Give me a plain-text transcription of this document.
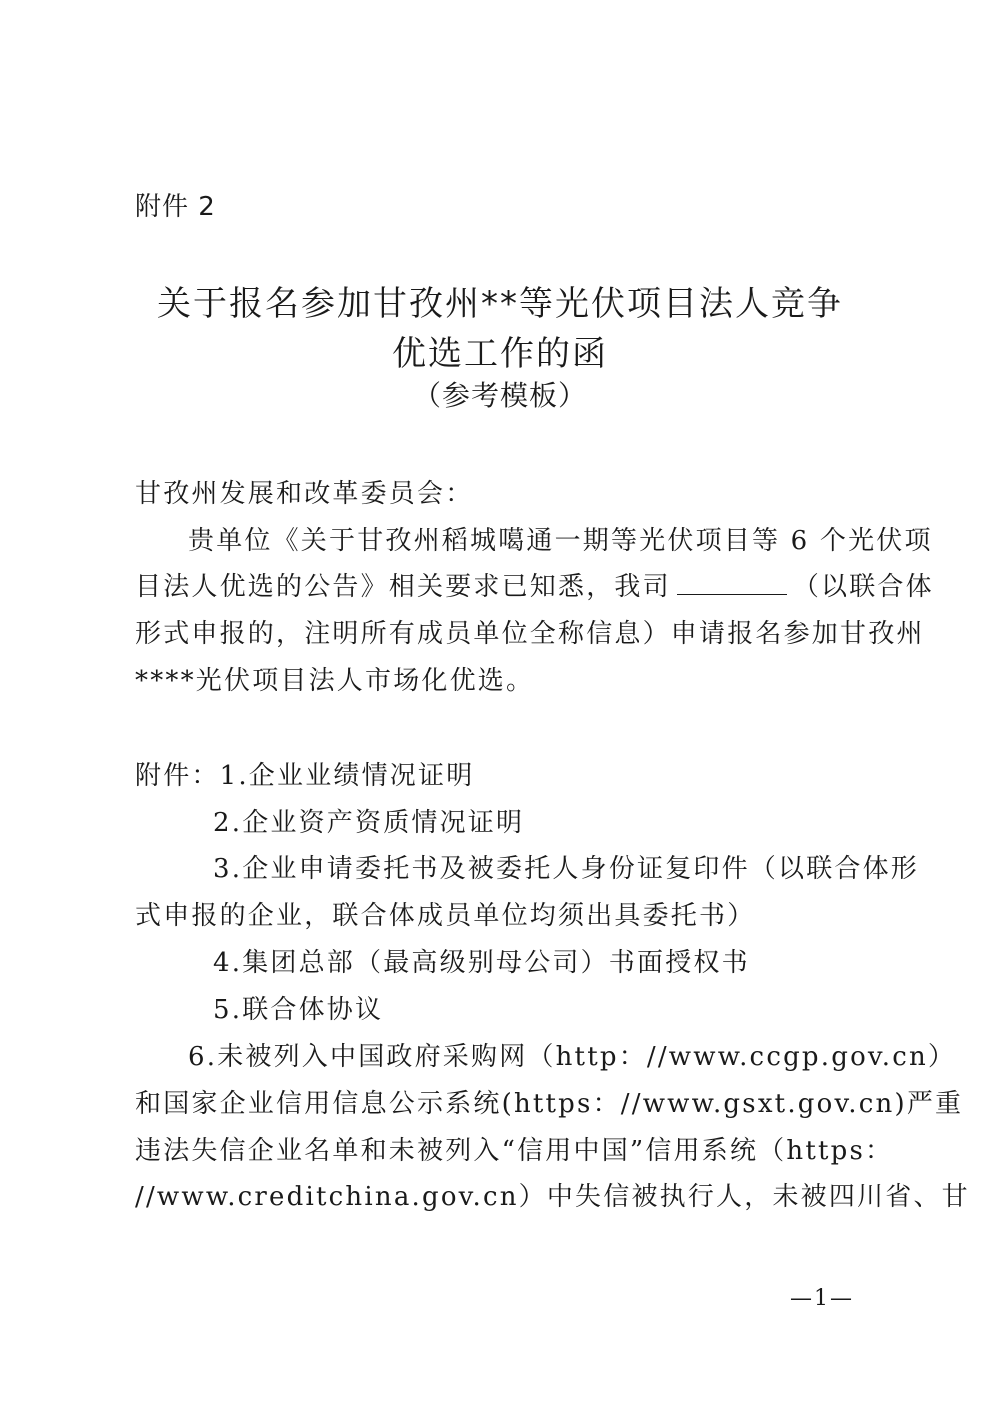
附件 2
关于报名参加甘孜州**等光伏项目法人竞争
优选工作的函
（参考模板）
甘孜州发展和改革委员会：
贵单位《关于甘孜州稻城噶通一期等光伏项目等 6 个光伏项
目法人优选的公告》相关要求已知悉，我司	（以联合体
形式申报的，注明所有成员单位全称信息）申请报名参加甘孜州
****光伏项目法人市场化优选。
附件：1.企业业绩情况证明
2.企业资产资质情况证明
3.企业申请委托书及被委托人身份证复印件（以联合体形
式申报的企业，联合体成员单位均须出具委托书）
4.集团总部（最高级别母公司）书面授权书
5.联合体协议
6.未被列入中国政府采购网（http：//www.ccgp.gov.cn）
和国家企业信用信息公示系统(https：//www.gsxt.gov.cn)严重
违法失信企业名单和未被列入“信用中国”信用系统（https：
//www.creditchina.gov.cn）中失信被执行人，未被四川省、甘
—1—
